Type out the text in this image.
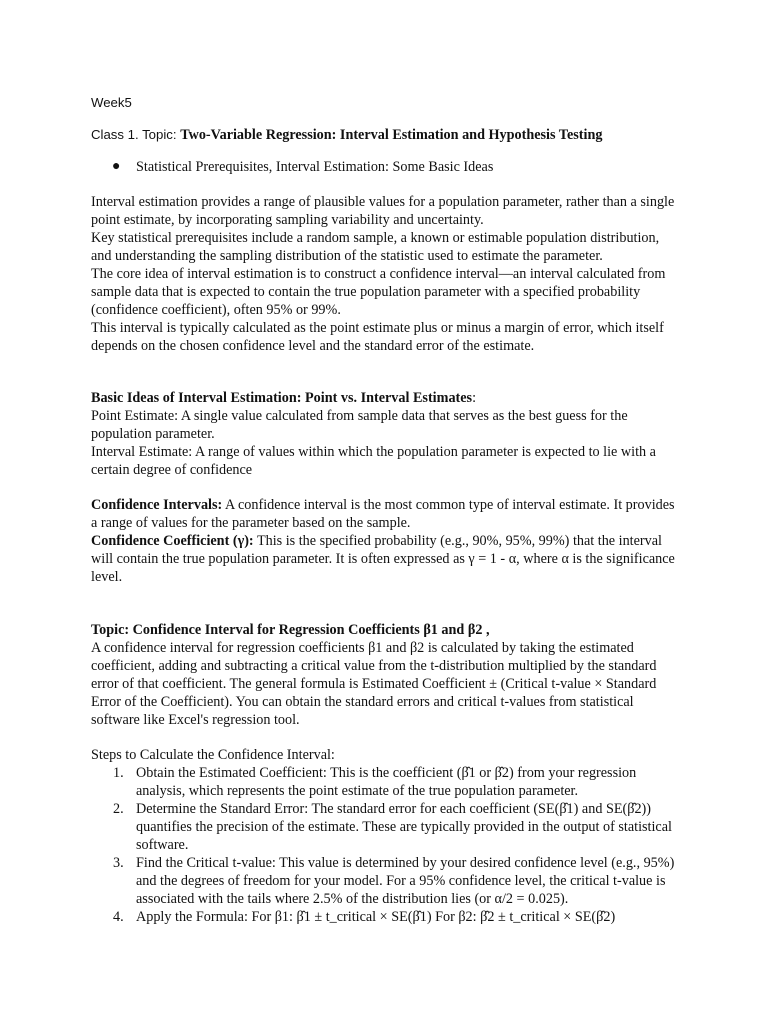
Week5

Class 1. Topic: Two-Variable Regression: Interval Estimation and Hypothesis Testing

● Statistical Prerequisites, Interval Estimation: Some Basic Ideas

Interval estimation provides a range of plausible values for a population parameter, rather than a single point estimate, by incorporating sampling variability and uncertainty.

Key statistical prerequisites include a random sample, a known or estimable population distribution, and understanding the sampling distribution of the statistic used to estimate the parameter.

The core idea of interval estimation is to construct a confidence interval—an interval calculated from sample data that is expected to contain the true population parameter with a specified probability (confidence coefficient), often 95% or 99%.

This interval is typically calculated as the point estimate plus or minus a margin of error, which itself depends on the chosen confidence level and the standard error of the estimate.

Basic Ideas of Interval Estimation: Point vs. Interval Estimates:

Point Estimate: A single value calculated from sample data that serves as the best guess for the population parameter.

Interval Estimate: A range of values within which the population parameter is expected to lie with a certain degree of confidence

Confidence Intervals: A confidence interval is the most common type of interval estimate. It provides a range of values for the parameter based on the sample.

Confidence Coefficient (γ): This is the specified probability (e.g., 90%, 95%, 99%) that the interval will contain the true population parameter. It is often expressed as γ = 1 - α, where α is the significance level.

Topic: Confidence Interval for Regression Coefficients β1 and β2 ,

A confidence interval for regression coefficients β1 and β2 is calculated by taking the estimated coefficient, adding and subtracting a critical value from the t-distribution multiplied by the standard error of that coefficient. The general formula is Estimated Coefficient ± (Critical t-value × Standard Error of the Coefficient). You can obtain the standard errors and critical t-values from statistical software like Excel's regression tool.

Steps to Calculate the Confidence Interval:

1. Obtain the Estimated Coefficient: This is the coefficient (β̂1 or β̂2) from your regression analysis, which represents the point estimate of the true population parameter.
2. Determine the Standard Error: The standard error for each coefficient (SE(β̂1) and SE(β̂2)) quantifies the precision of the estimate. These are typically provided in the output of statistical software.
3. Find the Critical t-value: This value is determined by your desired confidence level (e.g., 95%) and the degrees of freedom for your model. For a 95% confidence level, the critical t-value is associated with the tails where 2.5% of the distribution lies (or α/2 = 0.025).
4. Apply the Formula: For β1: β̂1 ± t_critical × SE(β̂1) For β2: β̂2 ± t_critical × SE(β̂2)
